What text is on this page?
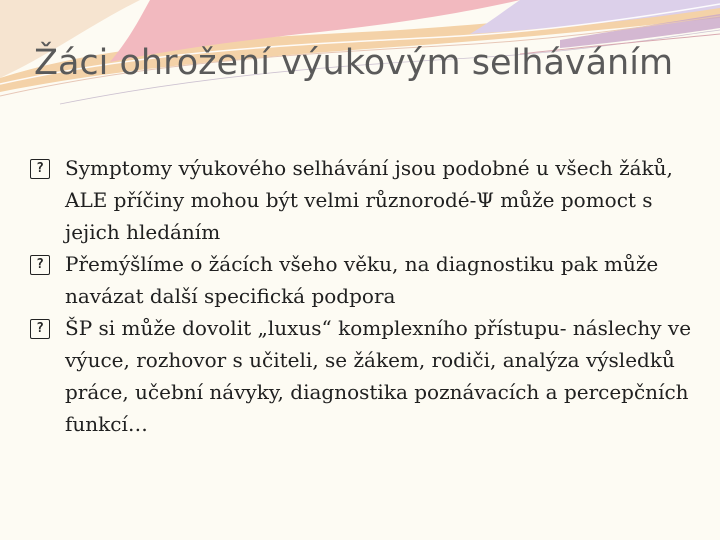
Žáci ohrožení výukovým selháváním
?
Symptomy výukového selhávání jsou podobné u všech žáků, ALE příčiny mohou být velmi různorodé-Ψ může pomoct s jejich hledáním
?
Přemýšlíme o žácích všeho věku, na diagnostiku pak může navázat další specifická podpora
?
ŠP si může dovolit „luxus“ komplexního přístupu- náslechy ve výuce, rozhovor s učiteli, se žákem, rodiči, analýza výsledků práce, učební návyky, diagnostika poznávacích a percepčních funkcí…
